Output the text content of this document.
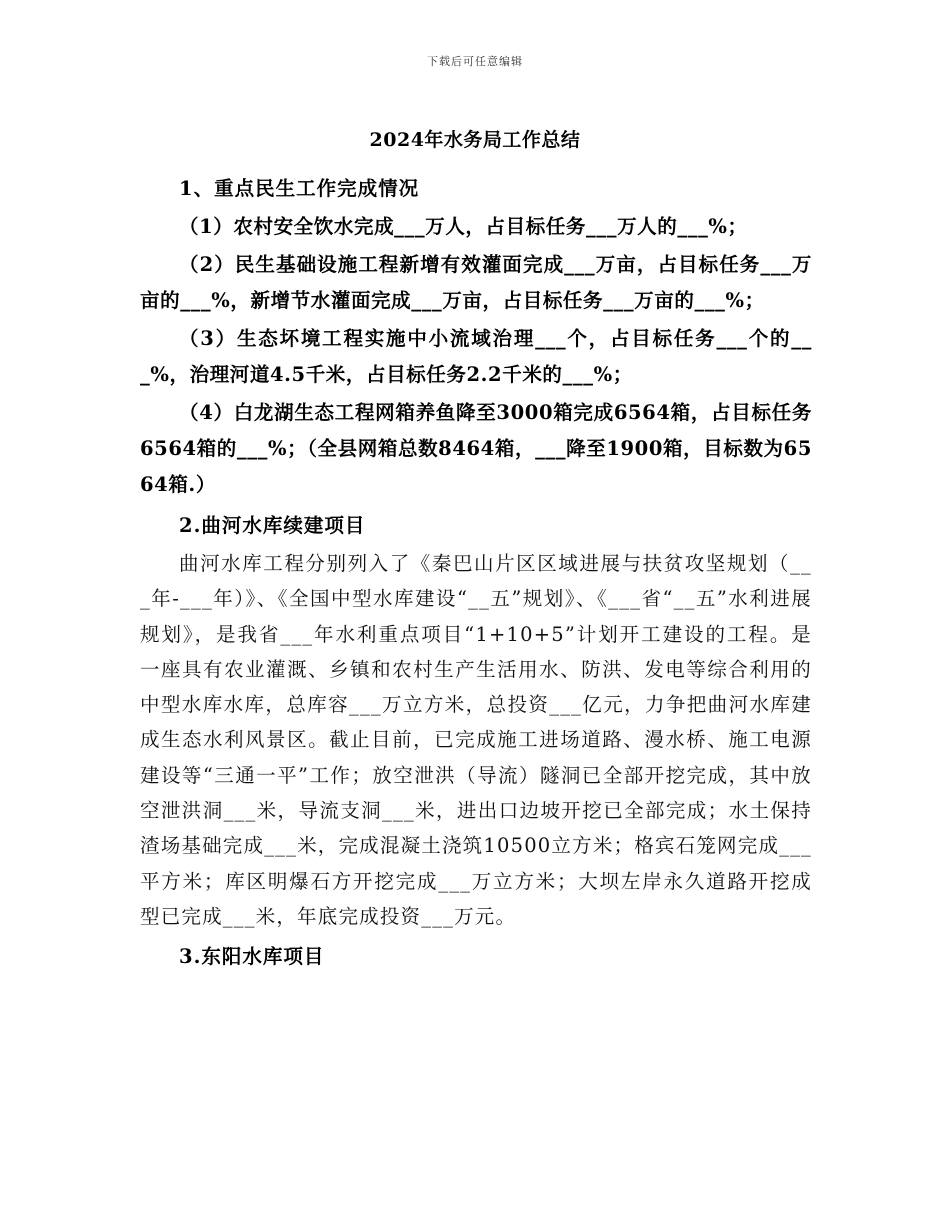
下载后可任意编辑
2024年水务局工作总结

1、重点民生工作完成情况

（1）农村安全饮水完成___万人，占目标任务___万人的___%；

（2）民生基础设施工程新增有效灌面完成___万亩，占目标任务___万亩的___%，新增节水灌面完成___万亩，占目标任务___万亩的___%；

（3）生态坏境工程实施中小流域治理___个，占目标任务___个的___%，治理河道4.5千米，占目标任务2.2千米的___%；

（4）白龙湖生态工程网箱养鱼降至3000箱完成6564箱，占目标任务6564箱的___%；（全县网箱总数8464箱，___降至1900箱，目标数为6564箱.）

2.曲河水库续建项目

曲河水库工程分别列入了《秦巴山片区区域进展与扶贫攻坚规划（___年-___年）》、《全国中型水库建设“__五”规划》、《___省“__五”水利进展规划》，是我省___年水利重点项目“1+10+5”计划开工建设的工程。是一座具有农业灌溉、乡镇和农村生产生活用水、防洪、发电等综合利用的中型水库水库，总库容___万立方米，总投资___亿元，力争把曲河水库建成生态水利风景区。截止目前，已完成施工进场道路、漫水桥、施工电源建设等“三通一平”工作；放空泄洪（导流）隧洞已全部开挖完成，其中放空泄洪洞___米，导流支洞___米，进出口边坡开挖已全部完成；水土保持渣场基础完成___米，完成混凝土浇筑10500立方米；格宾石笼网完成___平方米；库区明爆石方开挖完成___万立方米；大坝左岸永久道路开挖成型已完成___米，年底完成投资___万元。

3.东阳水库项目
